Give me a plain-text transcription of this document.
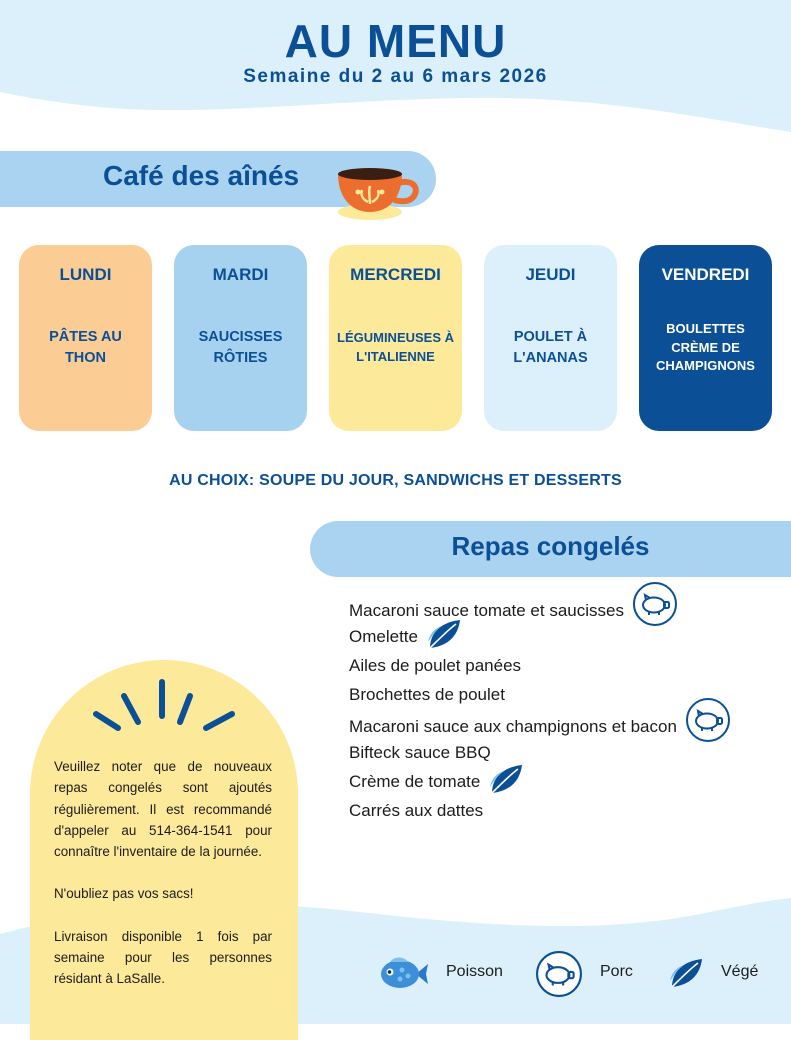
AU MENU
Semaine du 2 au 6 mars 2026
Café des aînés
LUNDI
PÂTES AU THON
MARDI
SAUCISSES RÔTIES
MERCREDI
LÉGUMINEUSES À L'ITALIENNE
JEUDI
POULET À L'ANANAS
VENDREDI
BOULETTES CRÈME DE CHAMPIGNONS
AU CHOIX: SOUPE DU JOUR, SANDWICHS ET DESSERTS
Repas congelés
Macaroni sauce tomate et saucisses
Omelette
Ailes de poulet panées
Brochettes de poulet
Macaroni sauce aux champignons et bacon
Bifteck sauce BBQ
Crème de tomate
Carrés aux dattes

Veuillez noter que de nouveaux repas congelés sont ajoutés régulièrement. Il est recommandé d'appeler au 514-364-1541 pour connaître l'inventaire de la journée.

N'oubliez pas vos sacs!

Livraison disponible 1 fois par semaine pour les personnes résidant à LaSalle.	Poisson	Porc	Végé
